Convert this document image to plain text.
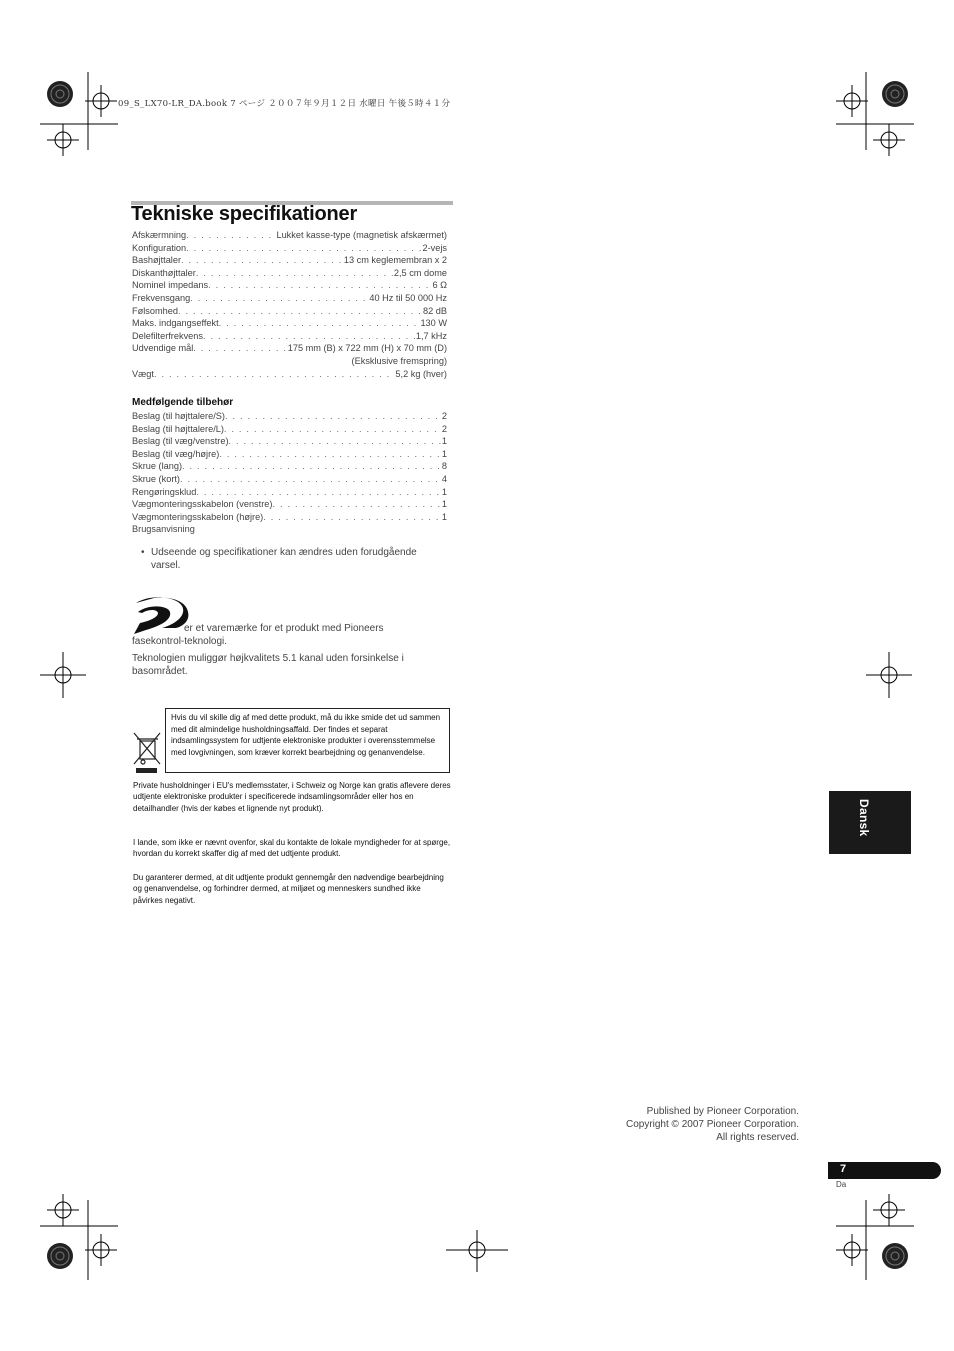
09_S_LX70-LR_DA.book 7 ページ ２００７年９月１２日 水曜日 午後５時４１分
Tekniske specifikationer
Afskærmning . . .	Lukket kasse-type (magnetisk afskærmet)
Konfiguration . . .	2-vejs
Bashøjttaler . . .	13 cm keglemembran x 2
Diskanthøjttaler . . .	2,5 cm dome
Nominel impedans . . .	6 Ω
Frekvensgang . . .	40 Hz til 50 000 Hz
Følsomhed . . .	82 dB
Maks. indgangseffekt . . .	130 W
Delefilterfrekvens . . .	1,7 kHz
Udvendige mål . . .	175 mm (B) x 722 mm (H) x 70 mm (D)
(Eksklusive fremspring)
Vægt . . .	5,2 kg (hver)
Medfølgende tilbehør
Beslag (til højttalere/S) . . .	2
Beslag (til højttalere/L) . . .	2
Beslag (til væg/venstre) . . .	1
Beslag (til væg/højre) . . .	1
Skrue (lang) . . .	8
Skrue (kort) . . .	4
Rengøringsklud . . .	1
Vægmonteringsskabelon (venstre) . . .	1
Vægmonteringsskabelon (højre) . . .	1
Brugsanvisning
• Udseende og specifikationer kan ændres uden forudgående varsel.
er et varemærke for et produkt med Pioneers
fasekontrol-teknologi.
Teknologien muliggør højkvalitets 5.1 kanal uden forsinkelse i basområdet.
Hvis du vil skille dig af med dette produkt, må du ikke smide det ud sammen med dit almindelige husholdningsaffald. Der findes et separat indsamlingssystem for udtjente elektroniske produkter i overensstemmelse med lovgivningen, som kræver korrekt bearbejdning og genanvendelse.
Private husholdninger i EU's medlemsstater, i Schweiz og Norge kan gratis aflevere deres udtjente elektroniske produkter i specificerede indsamlingsområder eller hos en detailhandler (hvis der købes et lignende nyt produkt).
I lande, som ikke er nævnt ovenfor, skal du kontakte de lokale myndigheder for at spørge, hvordan du korrekt skaffer dig af med det udtjente produkt.
Du garanterer dermed, at dit udtjente produkt gennemgår den nødvendige bearbejdning og genanvendelse, og forhindrer dermed, at miljøet og menneskers sundhed ikke påvirkes negativt.
Dansk
Published by Pioneer Corporation.
Copyright © 2007 Pioneer Corporation.
All rights reserved.
7
Da
